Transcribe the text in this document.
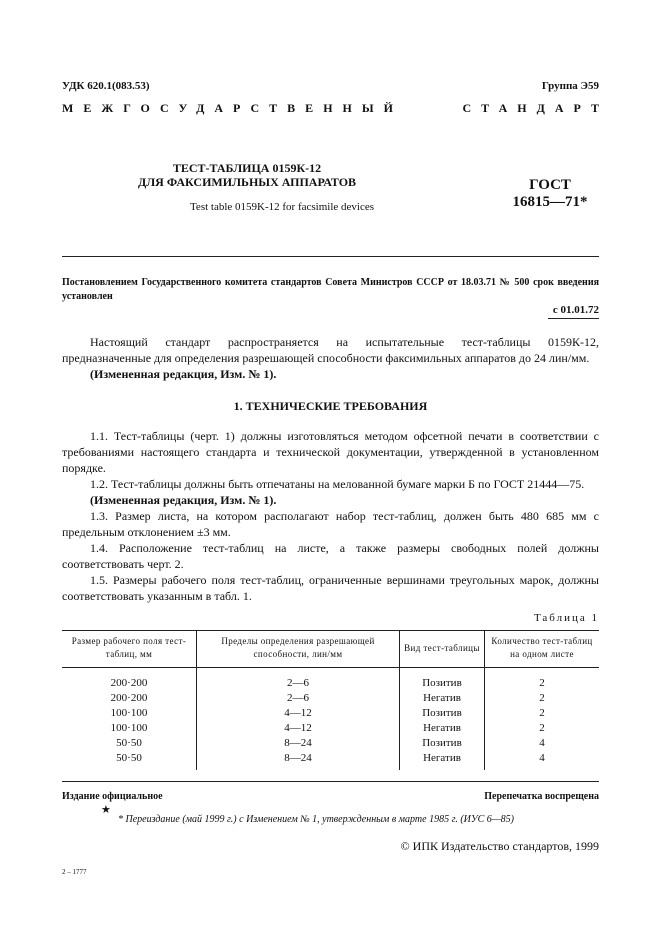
УДК 620.1(083.53)	Группа Э59
МЕЖГОСУДАРСТВЕННЫЙ	СТАНДАРТ
ТЕСТ-ТАБЛИЦА 0159К-12
ДЛЯ ФАКСИМИЛЬНЫХ АППАРАТОВ
Test table 0159K-12 for facsimile devices
ГОСТ
16815—71*
Постановлением Государственного комитета стандартов Совета Министров СССР от 18.03.71 № 500 срок введения установлен
с 01.01.72

Настоящий стандарт распространяется на испытательные тест-таблицы 0159К-12, предназначенные для определения разрешающей способности факсимильных аппаратов до 24 лин/мм.

(Измененная редакция, Изм. № 1).

1. ТЕХНИЧЕСКИЕ ТРЕБОВАНИЯ

1.1. Тест-таблицы (черт. 1) должны изготовляться методом офсетной печати в соответствии с требованиями настоящего стандарта и технической документации, утвержденной в установленном порядке.

1.2. Тест-таблицы должны быть отпечатаны на мелованной бумаге марки Б по ГОСТ 21444—75.

(Измененная редакция, Изм. № 1).

1.3. Размер листа, на котором располагают набор тест-таблиц, должен быть 480 685 мм с предельным отклонением ±3 мм.

1.4. Расположение тест-таблиц на листе, а также размеры свободных полей должны соответствовать черт. 2.

1.5. Размеры рабочего поля тест-таблиц, ограниченные вершинами треугольных марок, должны соответствовать указанным в табл. 1.

Таблица 1
Размер рабочего поля тест-таблиц, мм	Пределы определения разрешающей способности, лин/мм	Вид тест-таблицы	Количество тест-таблиц на одном листе
200·200	2—6	Позитив	2
200·200	2—6	Негатив	2
100·100	4—12	Позитив	2
100·100	4—12	Негатив	2
50·50	8—24	Позитив	4
50·50	8—24	Негатив	4
Издание официальное	Перепечатка воспрещена
★
* Переиздание (май 1999 г.) с Изменением № 1, утвержденным в марте 1985 г. (ИУС 6—85)
© ИПК Издательство стандартов, 1999
2 – 1777
